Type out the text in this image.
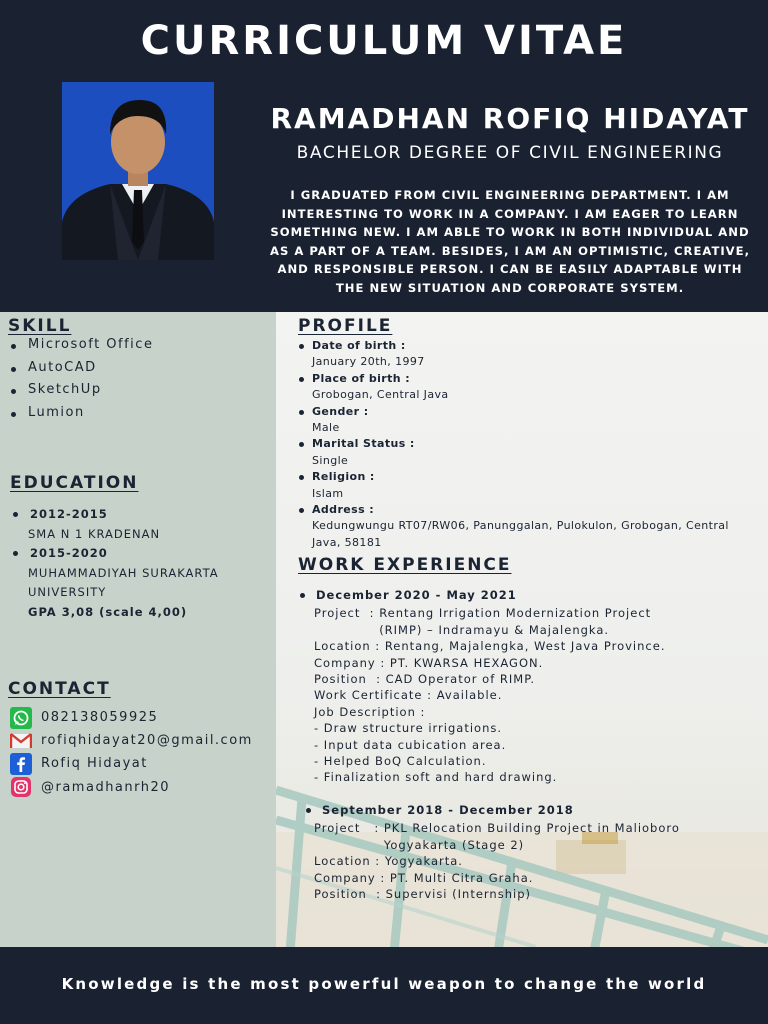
CURRICULUM VITAE
RAMADHAN ROFIQ HIDAYAT
BACHELOR DEGREE OF CIVIL ENGINEERING
I GRADUATED FROM CIVIL ENGINEERING DEPARTMENT. I AM INTERESTING TO WORK IN A COMPANY. I AM EAGER TO LEARN SOMETHING NEW. I AM ABLE TO WORK IN BOTH INDIVIDUAL AND AS A PART OF A TEAM. BESIDES, I AM AN OPTIMISTIC, CREATIVE, AND RESPONSIBLE PERSON. I CAN BE EASILY ADAPTABLE WITH THE NEW SITUATION AND CORPORATE SYSTEM.
SKILL
Microsoft Office
AutoCAD
SketchUp
Lumion
EDUCATION
2012-2015
SMA N 1 KRADENAN
2015-2020
MUHAMMADIYAH SURAKARTA UNIVERSITY
GPA 3,08 (scale 4,00)
CONTACT
082138059925
rofiqhidayat20@gmail.com
Rofiq Hidayat
@ramadhanrh20
PROFILE
Date of birth :
January 20th, 1997
Place of birth :
Grobogan, Central Java
Gender :
Male
Marital Status :
Single
Religion :
Islam
Address :
Kedungwungu RT07/RW06, Panunggalan, Pulokulon, Grobogan, Central Java, 58181
WORK EXPERIENCE
December 2020 - May 2021
Project  : Rentang Irrigation Modernization Project
(RIMP) – Indramayu & Majalengka.
Location : Rentang, Majalengka, West Java Province.
Company : PT. KWARSA HEXAGON.
Position  : CAD Operator of RIMP.
Work Certificate : Available.
Job Description :
- Draw structure irrigations.
- Input data cubication area.
- Helped BoQ Calculation.
- Finalization soft and hard drawing.
September 2018 - December 2018
Project   : PKL Relocation Building Project in Malioboro
Yogyakarta (Stage 2)
Location : Yogyakarta.
Company : PT. Multi Citra Graha.
Position  : Supervisi (Internship)
Knowledge is the most powerful weapon to change the world
